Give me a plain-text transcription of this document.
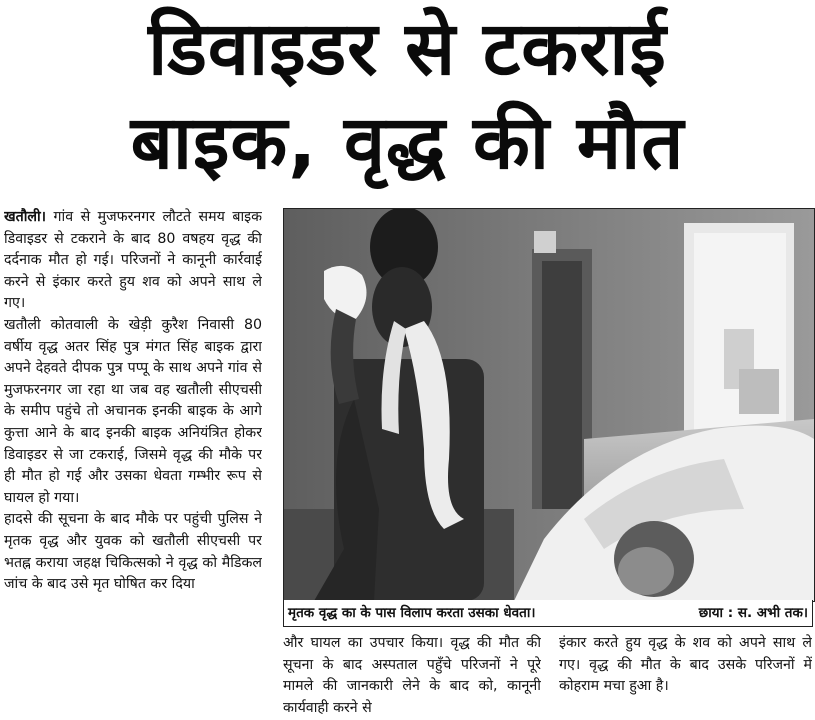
डिवाइडर से टकराई
बाइक, वृद्ध की मौत

खतौली। गांव से मुजफरनगर लौटते समय बाइक डिवाइडर से टकराने के बाद 80 वषहय वृद्ध की दर्दनाक मौत हो गई। परिजनों ने कानूनी कार्रवाई करने से इंकार करते हुय शव को अपने साथ ले गए।

खतौली कोतवाली के खेड़ी कुरैश निवासी 80 वर्षीय वृद्ध अतर सिंह पुत्र मंगत सिंह बाइक द्वारा अपने देहवते दीपक पुत्र पप्पू के साथ अपने गांव से मुजफरनगर जा रहा था जब वह खतौली सीएचसी के समीप पहुंचे तो अचानक इनकी बाइक के आगे कुत्ता आने के बाद इनकी बाइक अनियंत्रित होकर डिवाइडर से जा टकराई, जिसमे वृद्ध की मौके पर ही मौत हो गई और उसका धेवता गम्भीर रूप से घायल हो गया।

हादसे की सूचना के बाद मौके पर पहुंची पुलिस ने मृतक वृद्ध और युवक को खतौली सीएचसी पर भतह्न कराया जहक्ष चिकित्सको ने वृद्ध को मैडिकल जांच के बाद उसे मृत घोषित कर दिया

मृतक वृद्ध का के पास विलाप करता उसका धेवता।	छाया : स. अभी तक।

और घायल का उपचार किया। वृद्ध की मौत की सूचना के बाद अस्पताल पहुँचे परिजनों ने पूरे मामले की जानकारी लेने के बाद को, कानूनी कार्यवाही करने से

इंकार करते हुय वृद्ध के शव को अपने साथ ले गए। वृद्ध की मौत के बाद उसके परिजनों में कोहराम मचा हुआ है।
